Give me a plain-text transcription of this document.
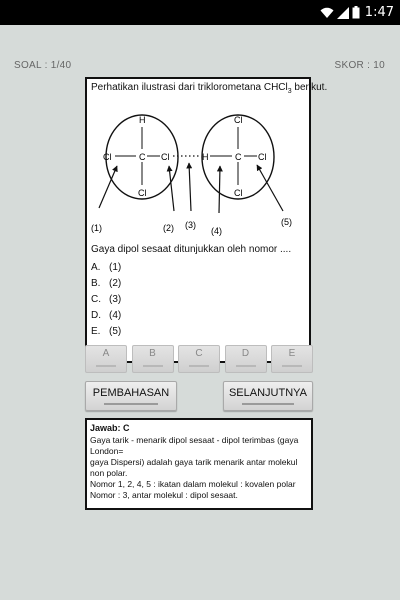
1:47
SOAL : 1/40	SKOR : 10
Perhatikan ilustrasi dari triklorometana CHCl$_3$ berikut.
H
Cl	C Cl
Cl
Cl
H	C Cl
Cl
(1)	(2) (3)
(4)
(5)
Gaya dipol sesaat ditunjukkan oleh nomor ....
A. (1)
B. (2)
C. (3)
D. (4)
E. (5)
A	B	C	D	E
PEMBAHASAN	SELANJUTNYA
Jawab: C
Gaya tarik - menarik dipol sesaat - dipol terimbas (gaya London=
gaya Dispersi) adalah gaya tarik menarik antar molekul non polar.
Nomor 1, 2, 4, 5 : ikatan dalam molekul : kovalen polar
Nomor : 3, antar molekul : dipol sesaat.
